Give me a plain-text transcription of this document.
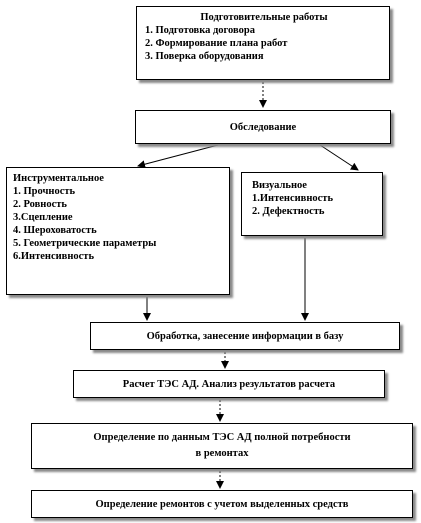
Подготовительные работы

1. Подготовка договора

2. Формирование плана работ

3. Поверка оборудования

Обследование

Инструментальное

1. Прочность

2. Ровность

3.Сцепление

4. Шероховатость

5. Геометрические параметры

6.Интенсивность

Визуальное

1.Интенсивность

2. Дефектность

Обработка, занесение информации в базу

Расчет ТЭС АД. Анализ результатов расчета

Определение по данным ТЭС АД полной потребности

в ремонтах

Определение ремонтов с учетом выделенных средств
